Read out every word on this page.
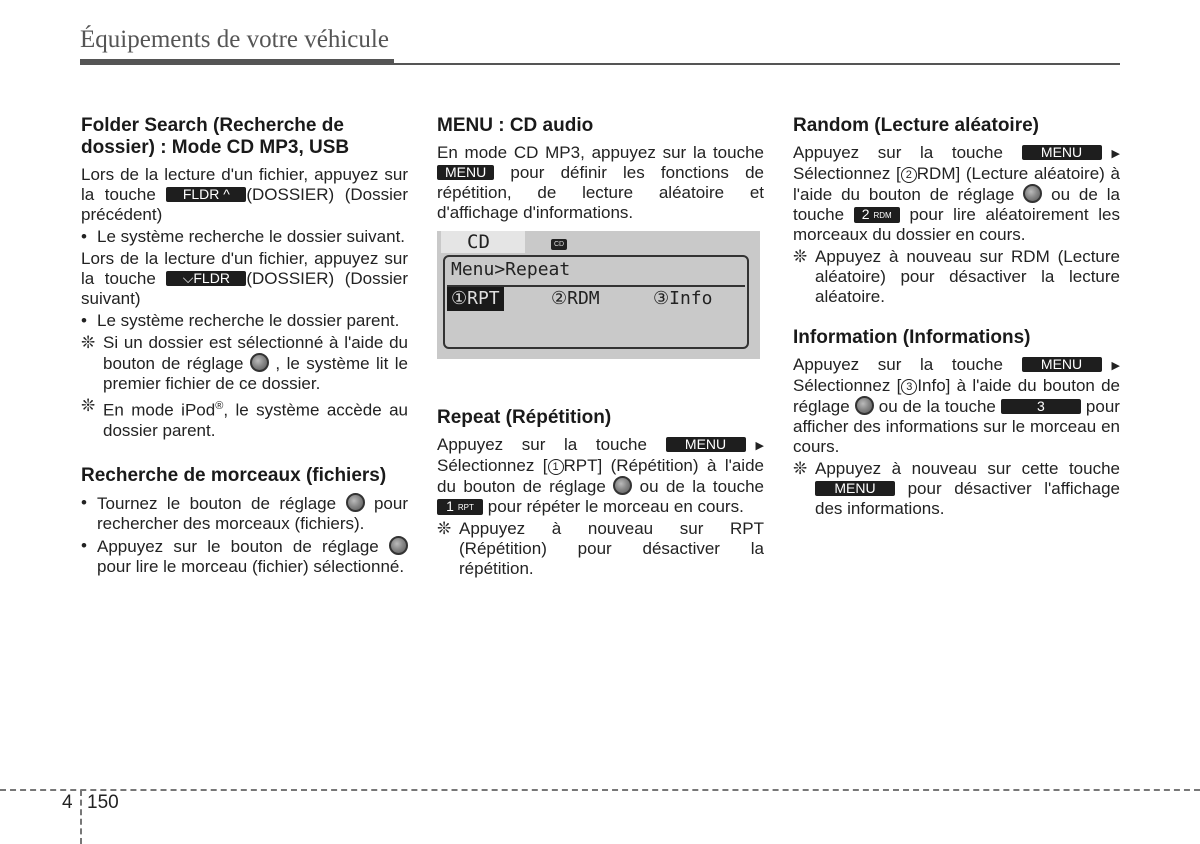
Équipements de votre véhicule
Folder Search (Recherche de dossier) : Mode CD MP3, USB

Lors de la lecture d'un fichier, appuyez sur la touche FLDR ^ (DOSSIER) (Dossier précédent)

• Le système recherche le dossier suivant.

Lors de la lecture d'un fichier, appuyez sur la touche ⌵FLDR (DOSSIER) (Dossier suivant)

• Le système recherche le dossier parent.
❊ Si un dossier est sélectionné à l'aide du bouton de réglage , le système lit le premier fichier de ce dossier.
❊ En mode iPod®, le système accède au dossier parent.
Recherche de morceaux (fichiers)
• Tournez le bouton de réglage pour rechercher des morceaux (fichiers).
• Appuyez sur le bouton de réglage  pour lire le morceau (fichier) sélectionné.
MENU : CD audio

En mode CD MP3, appuyez sur la touche MENU pour définir les fonctions de répétition, de lecture aléatoire et d'affichage d'informations.

CD	CD
Menu>Repeat
①RPT	②RDM	③Info
Repeat (Répétition)

Appuyez sur la touche	MENU	▶ Sélectionnez [ 1 RPT] (Répétition) à l'aide du bouton de réglage ou de la touche 1 RPT pour répéter le morceau en cours.

❊ Appuyez à nouveau sur RPT (Répétition) pour désactiver la répétition.
Random (Lecture aléatoire)

Appuyez sur la touche	MENU	▶ Sélectionnez [ 2 RDM] (Lecture aléatoire) à l'aide du bouton de réglage ou de la touche 2 RDM pour lire aléatoirement les morceaux du dossier en cours.

❊ Appuyez à nouveau sur RDM (Lecture aléatoire) pour désactiver la lecture aléatoire.
Information (Informations)

Appuyez sur la touche	MENU	▶ Sélectionnez [ 3 Info] à l'aide du bouton de réglage ou de la touche	3 pour afficher des informations sur le morceau en cours.

❊ Appuyez à nouveau sur cette touche MENU pour désactiver l'affichage des informations.
4 150
